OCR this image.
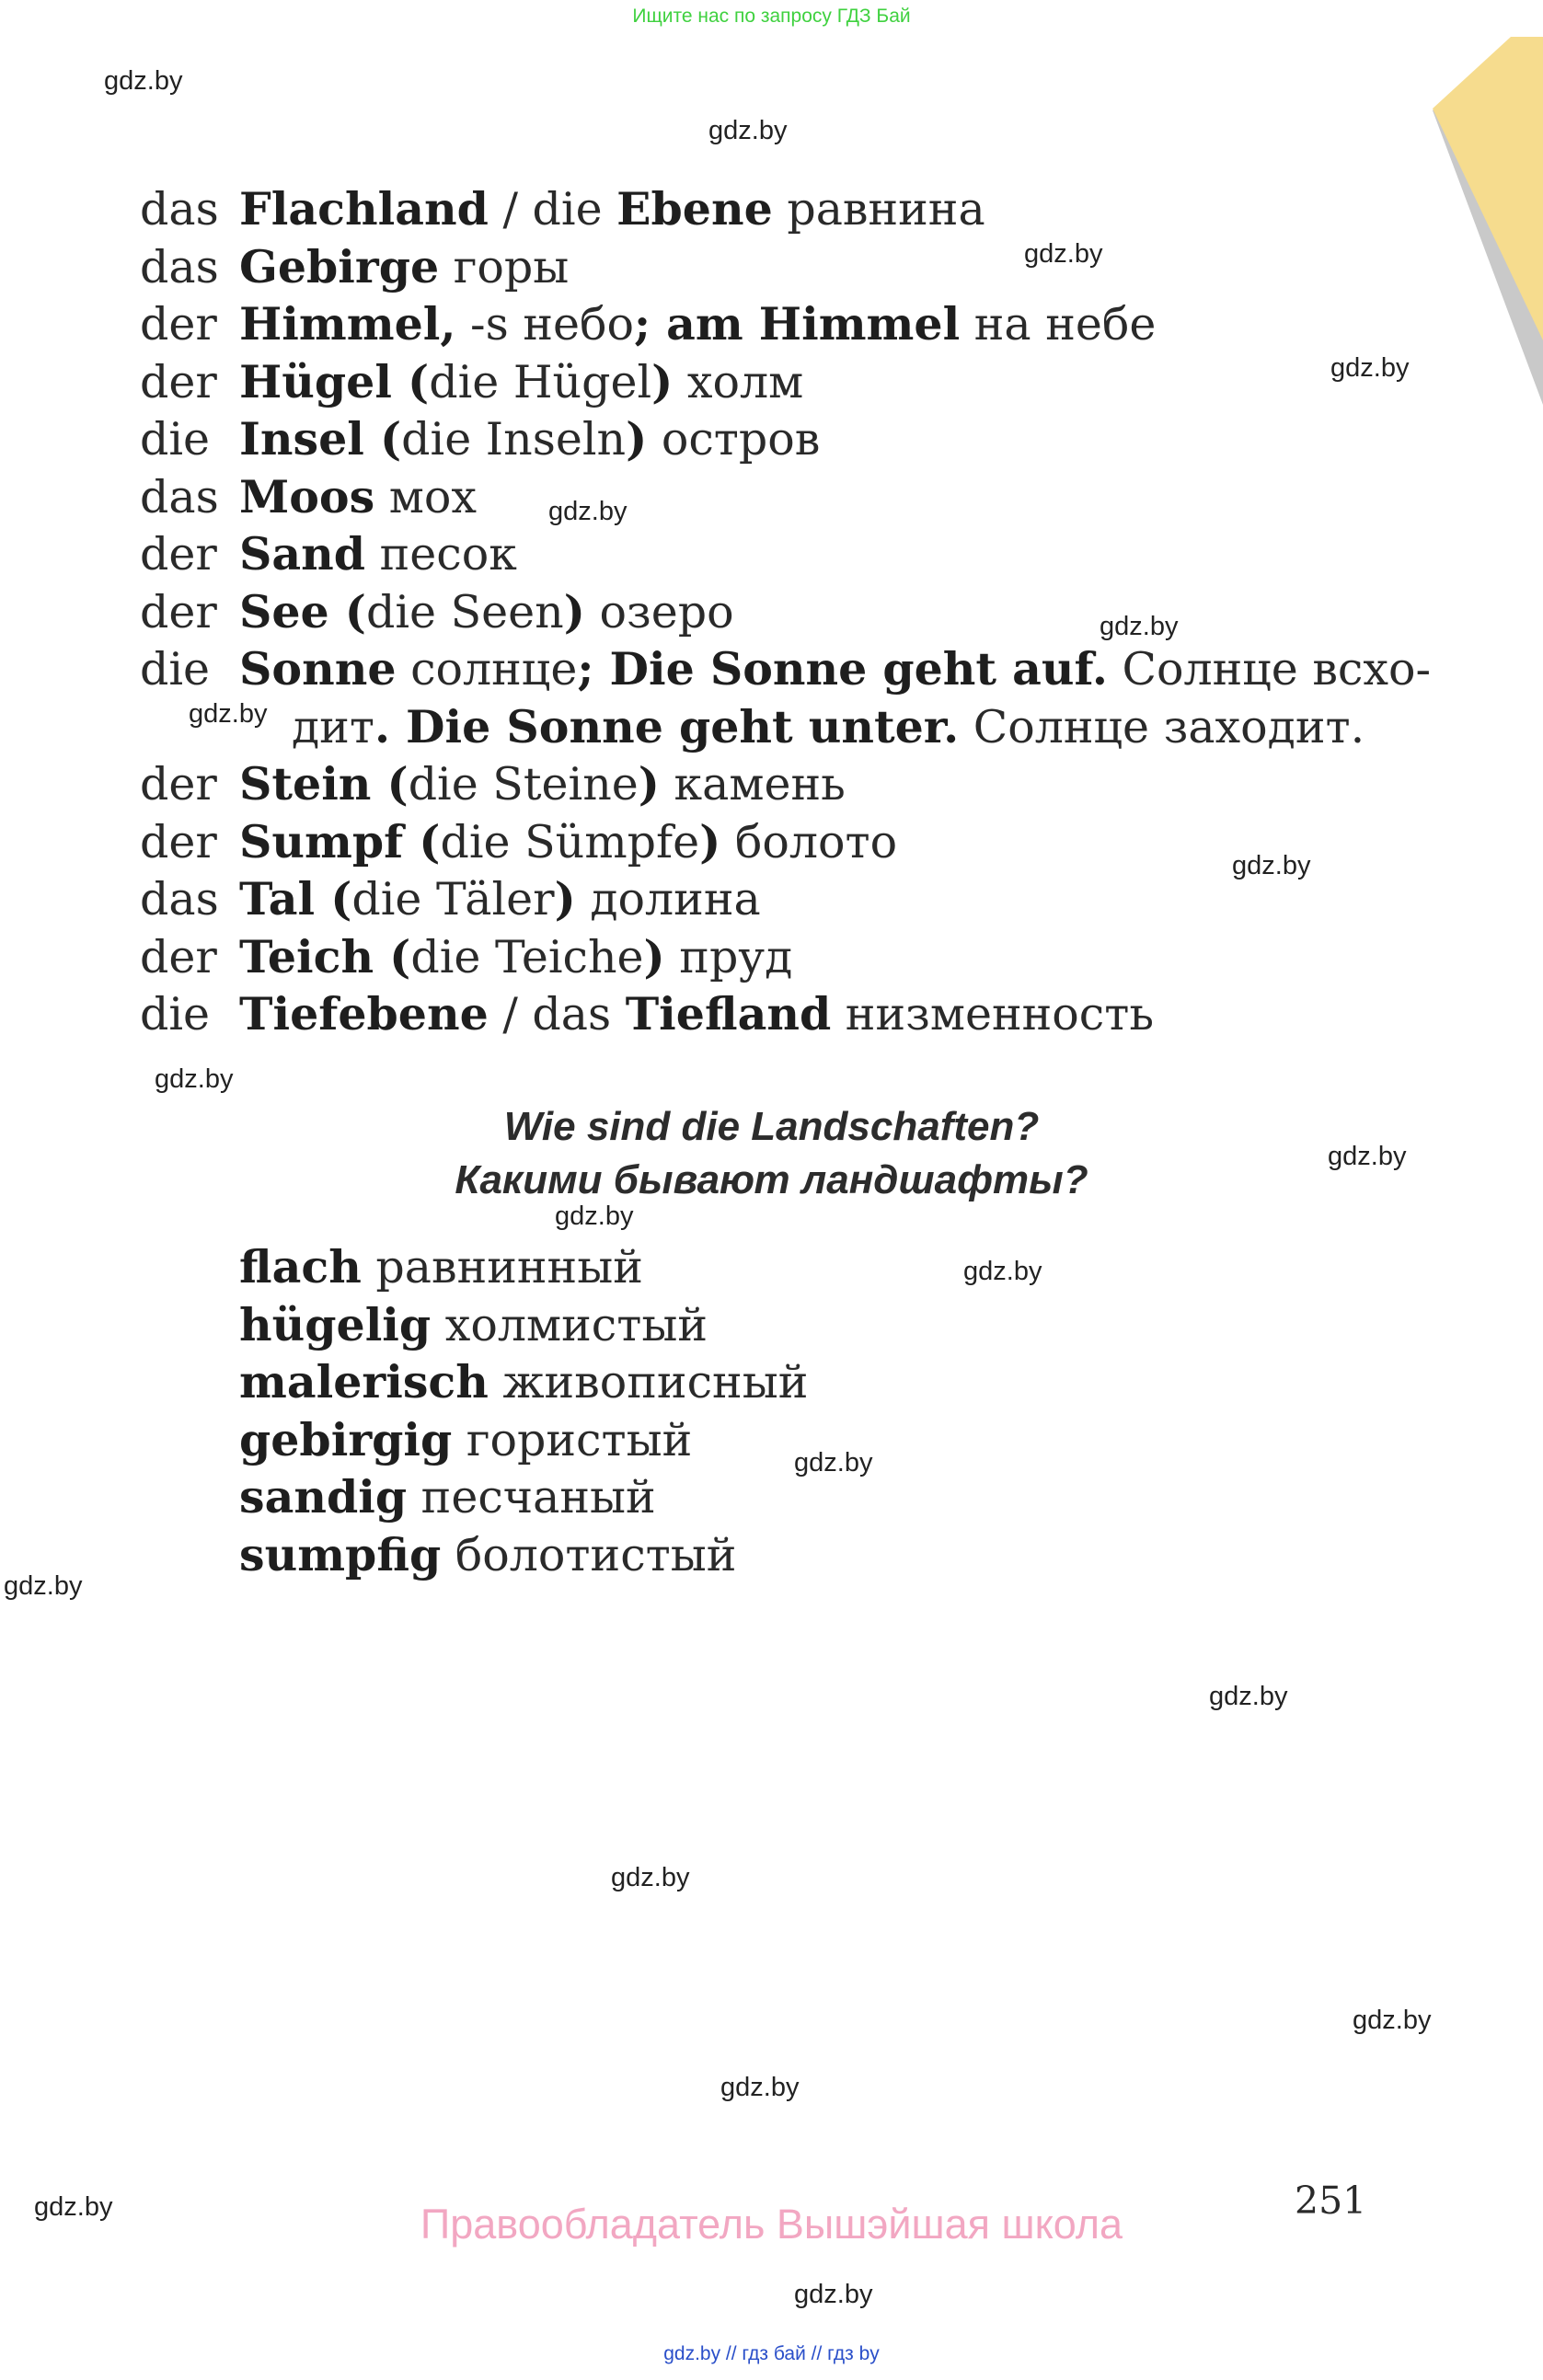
Ищите нас по запросу ГДЗ Бай
gdz.by
gdz.by
gdz.by
gdz.by
gdz.by
gdz.by
gdz.by
gdz.by
gdz.by
gdz.by
gdz.by
gdz.by
gdz.by
gdz.by
gdz.by
gdz.by
gdz.by
gdz.by
gdz.by
gdz.by
das Flachland / die Ebene равнина
das Gebirge горы
der Himmel, -s небо; am Himmel на небе
der Hügel (die Hügel) холм
die Insel (die Inseln) остров
das Moos мох
der Sand песок
der See (die Seen) озеро
die Sonne солнце; Die Sonne geht auf. Солнце всхо-
дит. Die Sonne geht unter. Солнце заходит.
der Stein (die Steine) камень
der Sumpf (die Sümpfe) болото
das Tal (die Täler) долина
der Teich (die Teiche) пруд
die Tiefebene / das Tiefland низменность
Wie sind die Landschaften?
Какими бывают ландшафты?
flach равнинный
hügelig холмистый
malerisch живописный
gebirgig гористый
sandig песчаный
sumpfig болотистый
251
Правообладатель Вышэйшая школа
gdz.by // гдз бай // гдз by
